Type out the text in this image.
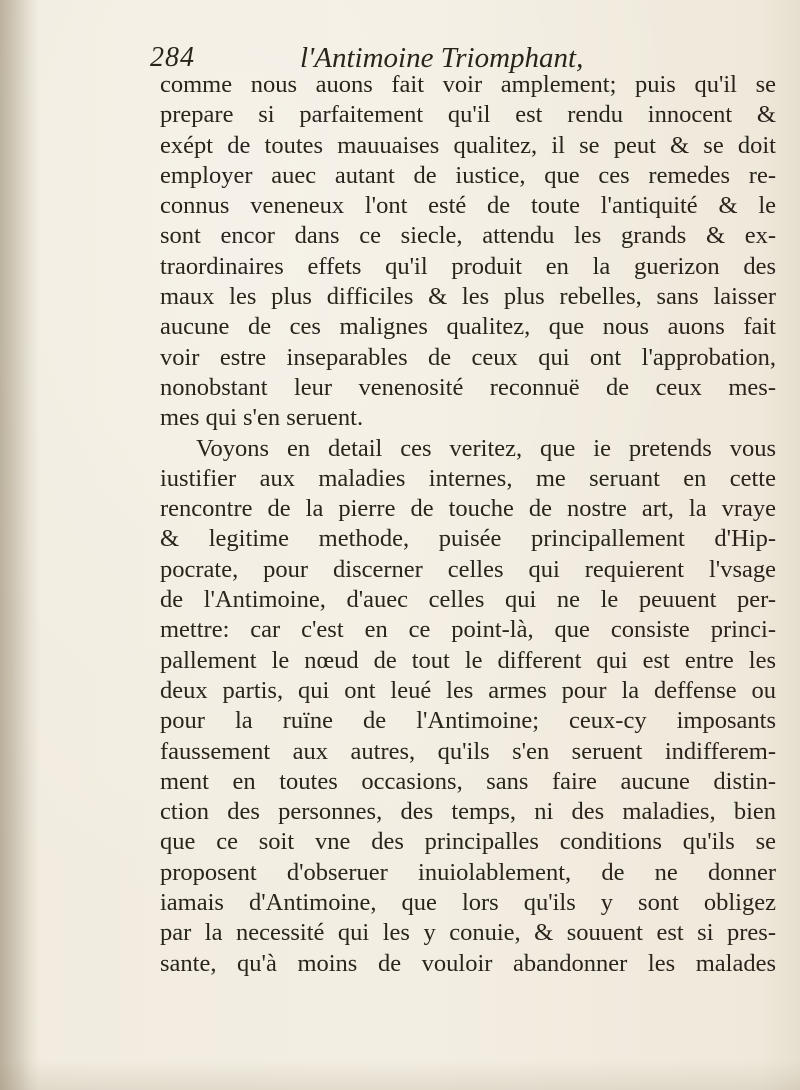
284	l'Antimoine Triomphant,
comme nous auons fait voir amplement; puis qu'il se
prepare si parfaitement qu'il est rendu innocent &
exépt de toutes mauuaises qualitez, il se peut & se doit
employer auec autant de iustice, que ces remedes re-
connus veneneux l'ont esté de toute l'antiquité & le
sont encor dans ce siecle, attendu les grands & ex-
traordinaires effets qu'il produit en la guerizon des
maux les plus difficiles & les plus rebelles, sans laisser
aucune de ces malignes qualitez, que nous auons fait
voir estre inseparables de ceux qui ont l'approbation,
nonobstant leur venenosité reconnuë de ceux mes-
mes qui s'en seruent.
Voyons en detail ces veritez, que ie pretends vous
iustifier aux maladies internes, me seruant en cette
rencontre de la pierre de touche de nostre art, la vraye
& legitime methode, puisée principallement d'Hip-
pocrate, pour discerner celles qui requierent l'vsage
de l'Antimoine, d'auec celles qui ne le peuuent per-
mettre: car c'est en ce point-là, que consiste princi-
pallement le nœud de tout le different qui est entre les
deux partis, qui ont leué les armes pour la deffense ou
pour la ruïne de l'Antimoine; ceux-cy imposants
faussement aux autres, qu'ils s'en seruent indifferem-
ment en toutes occasions, sans faire aucune distin-
ction des personnes, des temps, ni des maladies, bien
que ce soit vne des principalles conditions qu'ils se
proposent d'obseruer inuiolablement, de ne donner
iamais d'Antimoine, que lors qu'ils y sont obligez
par la necessité qui les y conuie, & souuent est si pres-
sante, qu'à moins de vouloir abandonner les malades
